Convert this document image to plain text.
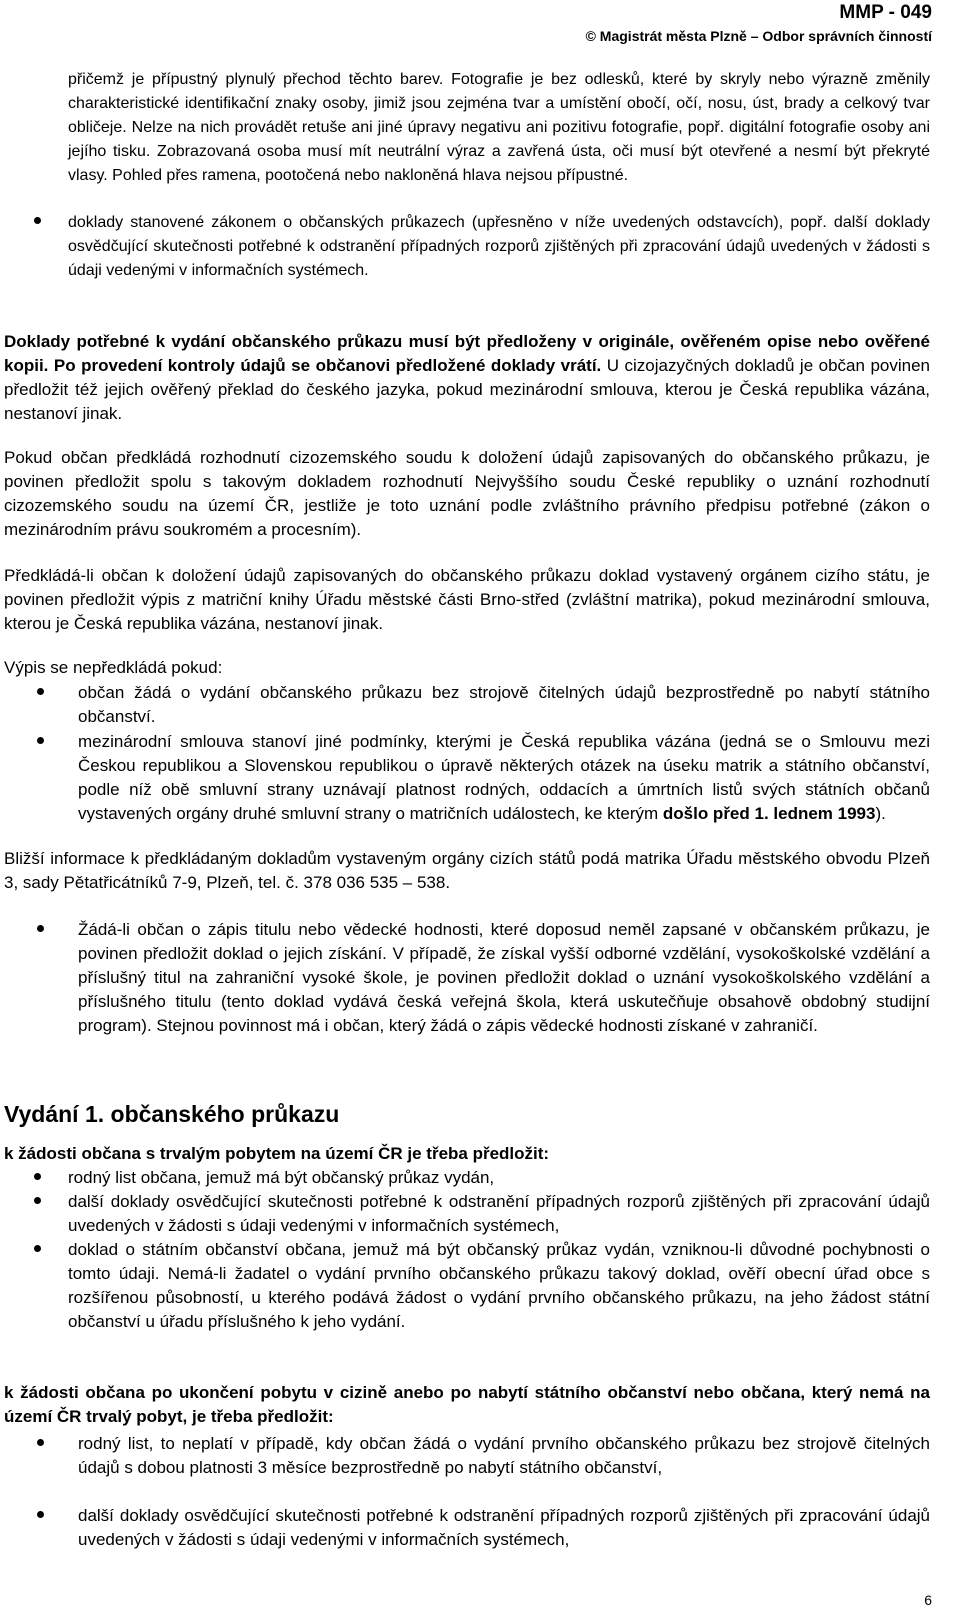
MMP - 049
© Magistrát města Plzně – Odbor správních činností

přičemž je přípustný plynulý přechod těchto barev. Fotografie je bez odlesků, které by skryly nebo výrazně změnily charakteristické identifikační znaky osoby, jimiž jsou zejména tvar a umístění obočí, očí, nosu, úst, brady a celkový tvar obličeje. Nelze na nich provádět retuše ani jiné úpravy negativu ani pozitivu fotografie, popř. digitální fotografie osoby ani jejího tisku. Zobrazovaná osoba musí mít neutrální výraz a zavřená ústa, oči musí být otevřené a nesmí být překryté vlasy. Pohled přes ramena, pootočená nebo nakloněná hlava nejsou přípustné.

doklady stanovené zákonem o občanských průkazech (upřesněno v níže uvedených odstavcích), popř. další doklady osvědčující skutečnosti potřebné k odstranění případných rozporů zjištěných při zpracování údajů uvedených v žádosti s údaji vedenými v informačních systémech.

Doklady potřebné k vydání občanského průkazu musí být předloženy v originále, ověřeném opise nebo ověřené kopii. Po provedení kontroly údajů se občanovi předložené doklady vrátí. U cizojazyčných dokladů je občan povinen předložit též jejich ověřený překlad do českého jazyka, pokud mezinárodní smlouva, kterou je Česká republika vázána, nestanoví jinak.

Pokud občan předkládá rozhodnutí cizozemského soudu k doložení údajů zapisovaných do občanského průkazu, je povinen předložit spolu s takovým dokladem rozhodnutí Nejvyššího soudu České republiky o uznání rozhodnutí cizozemského soudu na území ČR, jestliže je toto uznání podle zvláštního právního předpisu potřebné (zákon o mezinárodním právu soukromém a procesním).

Předkládá-li občan k doložení údajů zapisovaných do občanského průkazu doklad vystavený orgánem cizího státu, je povinen předložit výpis z matriční knihy Úřadu městské části Brno-střed (zvláštní matrika), pokud mezinárodní smlouva, kterou je Česká republika vázána, nestanoví jinak.

Výpis se nepředkládá pokud:

občan žádá o vydání občanského průkazu bez strojově čitelných údajů bezprostředně po nabytí státního občanství.

mezinárodní smlouva stanoví jiné podmínky, kterými je Česká republika vázána (jedná se o Smlouvu mezi Českou republikou a Slovenskou republikou o úpravě některých otázek na úseku matrik a státního občanství, podle níž obě smluvní strany uznávají platnost rodných, oddacích a úmrtních listů svých státních občanů vystavených orgány druhé smluvní strany o matričních událostech, ke kterým došlo před 1. lednem 1993).

Bližší informace k předkládaným dokladům vystaveným orgány cizích států podá matrika Úřadu městského obvodu Plzeň 3, sady Pětatřicátníků 7-9, Plzeň, tel. č. 378 036 535 – 538.

Žádá-li občan o zápis titulu nebo vědecké hodnosti, které doposud neměl zapsané v občanském průkazu, je povinen předložit doklad o jejich získání. V případě, že získal vyšší odborné vzdělání, vysokoškolské vzdělání a příslušný titul na zahraniční vysoké škole, je povinen předložit doklad o uznání vysokoškolského vzdělání a příslušného titulu (tento doklad vydává česká veřejná škola, která uskutečňuje obsahově obdobný studijní program). Stejnou povinnost má i občan, který žádá o zápis vědecké hodnosti získané v zahraničí.

Vydání 1. občanského průkazu

k žádosti občana s trvalým pobytem na území ČR je třeba předložit:

rodný list občana, jemuž má být občanský průkaz vydán,

další doklady osvědčující skutečnosti potřebné k odstranění případných rozporů zjištěných při zpracování údajů uvedených v žádosti s údaji vedenými v informačních systémech,

doklad o státním občanství občana, jemuž má být občanský průkaz vydán, vzniknou-li důvodné pochybnosti o tomto údaji. Nemá-li žadatel o vydání prvního občanského průkazu takový doklad, ověří obecní úřad obce s rozšířenou působností, u kterého podává žádost o vydání prvního občanského průkazu, na jeho žádost státní občanství u úřadu příslušného k jeho vydání.

k žádosti občana po ukončení pobytu v cizině anebo po nabytí státního občanství nebo občana, který nemá na území ČR trvalý pobyt, je třeba předložit:

rodný list, to neplatí v případě, kdy občan žádá o vydání prvního občanského průkazu bez strojově čitelných údajů s dobou platnosti 3 měsíce bezprostředně po nabytí státního občanství,

další doklady osvědčující skutečnosti potřebné k odstranění případných rozporů zjištěných při zpracování údajů uvedených v žádosti s údaji vedenými v informačních systémech,

6
